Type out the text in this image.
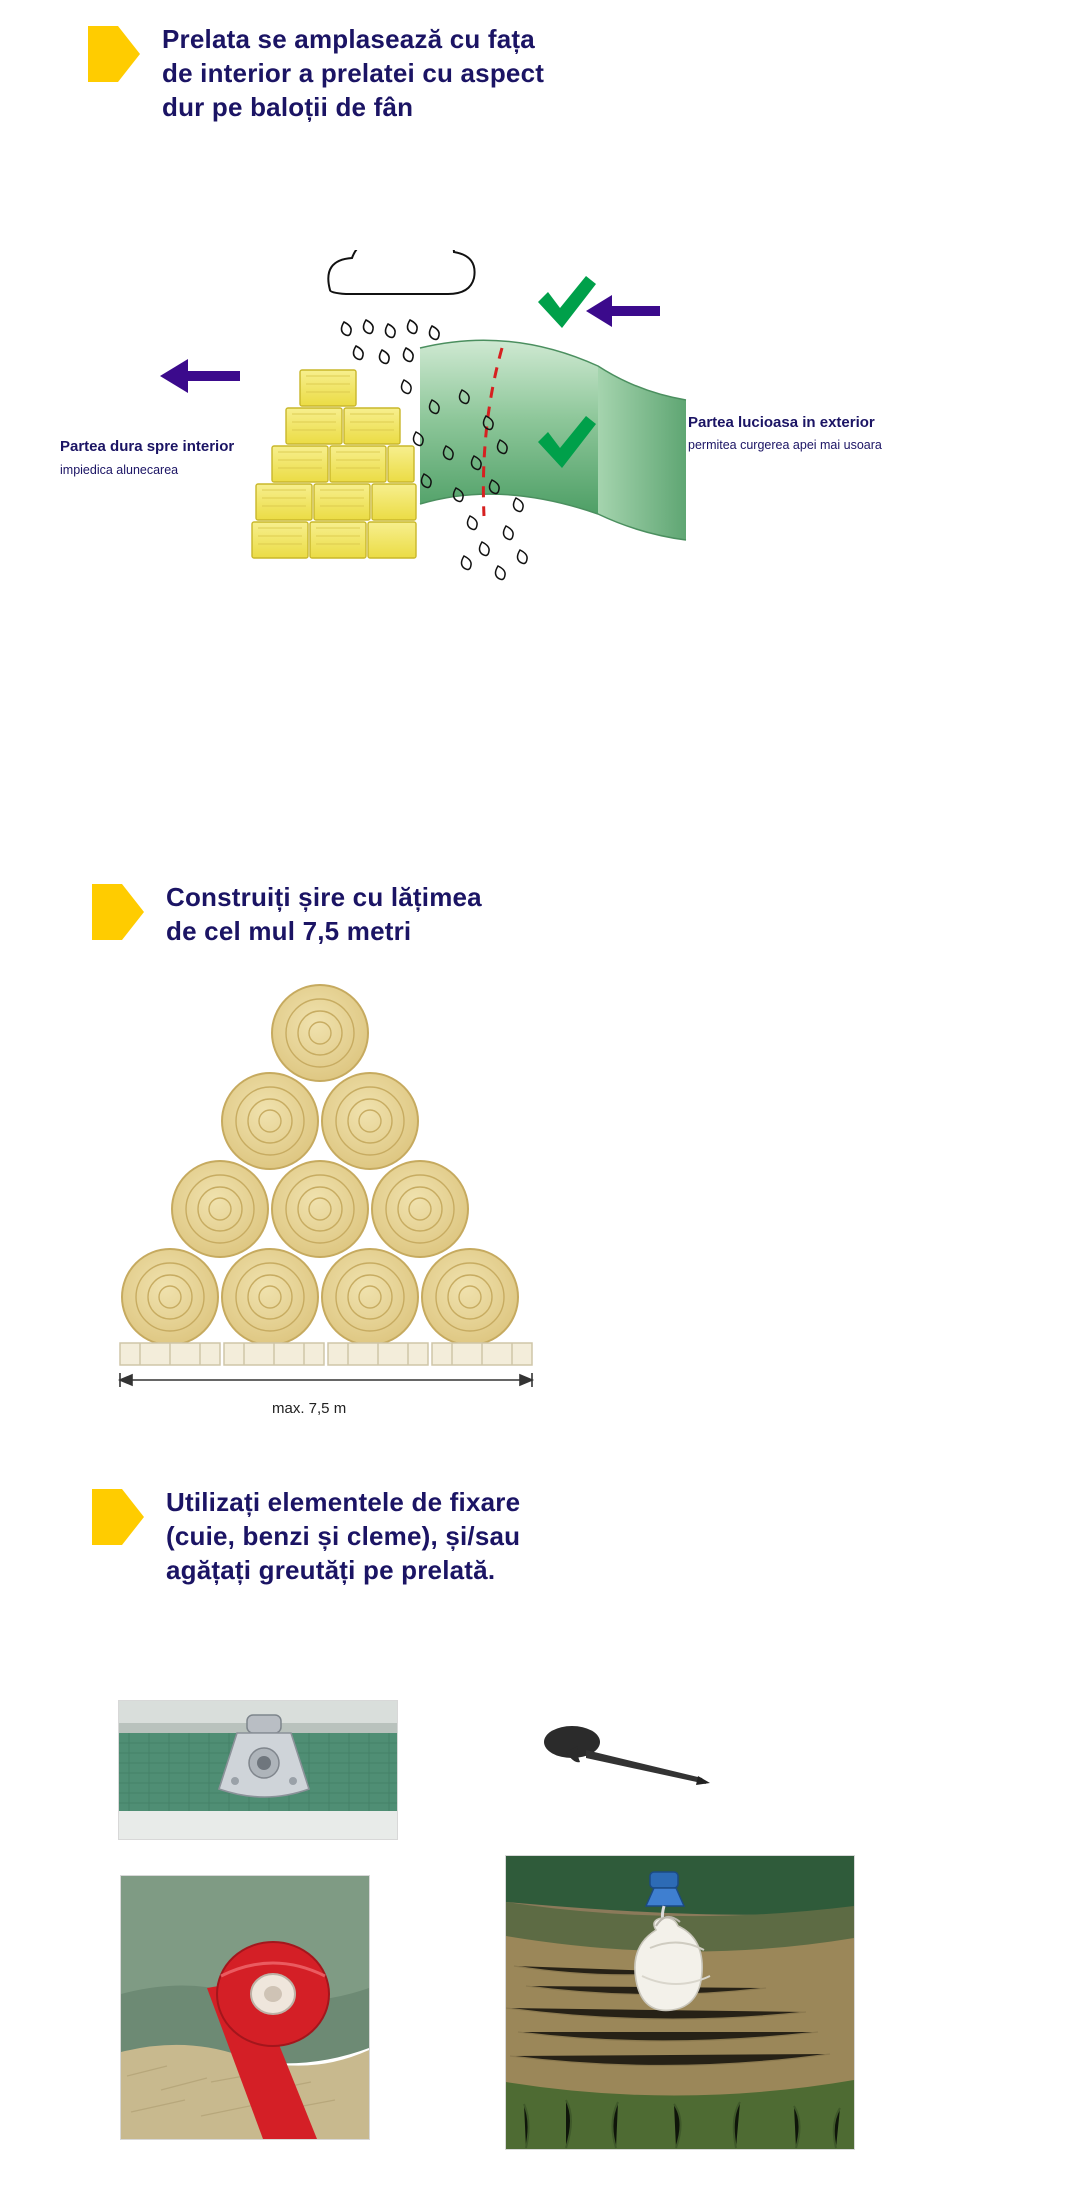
Prelata se amplasează cu fața
de interior a prelatei cu aspect
dur pe baloții de fân
Partea dura spre interior
impiedica alunecarea
Partea lucioasa in exterior
permitea curgerea apei mai usoara
Construiți șire cu lățimea
de cel mul 7,5 metri
max. 7,5 m
Utilizați elementele de fixare
(cuie, benzi și cleme), și/sau
agățați greutăți pe prelată.
